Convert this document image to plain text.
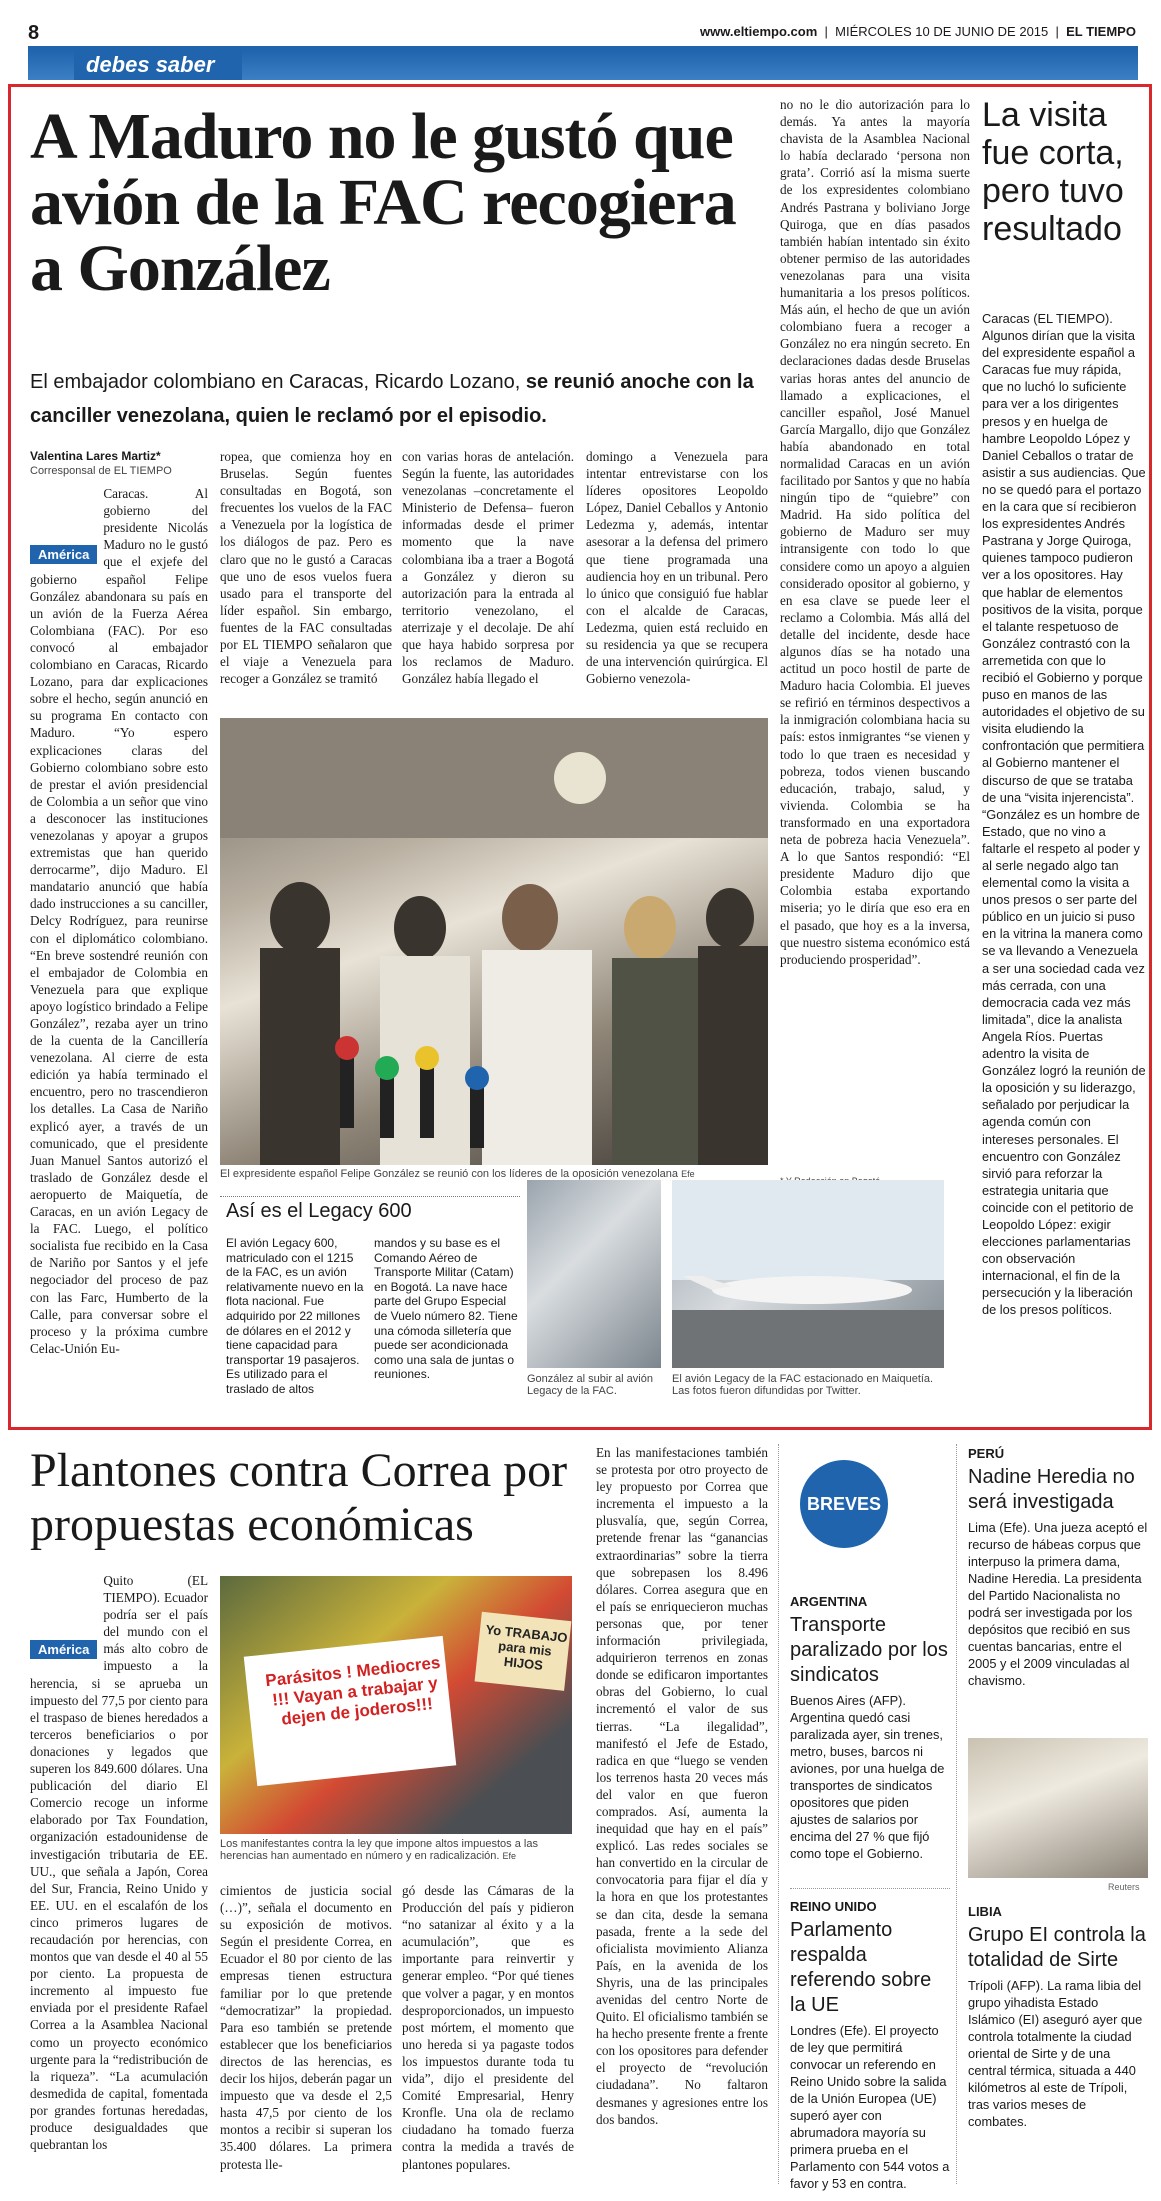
8	www.eltiempo.com  |  MIÉRCOLES 10 DE JUNIO DE 2015  |  EL TIEMPO
debes saber
A Maduro no le gustó que avión de la FAC recogiera a González
El embajador colombiano en Caracas, Ricardo Lozano, se reunió anoche con la canciller venezolana, quien le reclamó por el episodio.
Valentina Lares Martiz*
Corresponsal de EL TIEMPO
América

Caracas. Al gobierno del presidente Nicolás Maduro no le gustó que el exjefe del gobierno español Felipe González abandonara su país en un avión de la Fuerza Aérea Colombiana (FAC). Por eso convocó al embajador colombiano en Caracas, Ricardo Lozano, para dar explicaciones sobre el hecho, según anunció en su programa En contacto con Maduro. “Yo espero explicaciones claras del Gobierno colombiano sobre esto de prestar el avión presidencial de Colombia a un señor que vino a desconocer las instituciones venezolanas y apoyar a grupos extremistas que han querido derrocarme”, dijo Maduro. El mandatario anunció que había dado instrucciones a su canciller, Delcy Rodríguez, para reunirse con el diplomático colombiano. “En breve sostendré reunión con el embajador de Colombia en Venezuela para que explique apoyo logístico brindado a Felipe González”, rezaba ayer un trino de la cuenta de la Cancillería venezolana. Al cierre de esta edición ya había terminado el encuentro, pero no trascendieron los detalles. La Casa de Nariño explicó ayer, a través de un comunicado, que el presidente Juan Manuel Santos autorizó el traslado de González desde el aeropuerto de Maiquetía, de Caracas, en un avión Legacy de la FAC. Luego, el político socialista fue recibido en la Casa de Nariño por Santos y el jefe negociador del proceso de paz con las Farc, Humberto de la Calle, para conversar sobre el proceso y la próxima cumbre Celac-Unión Eu-

ropea, que comienza hoy en Bruselas. Según fuentes consultadas en Bogotá, son frecuentes los vuelos de la FAC a Venezuela por la logística de los diálogos de paz. Pero es claro que no le gustó a Caracas que uno de esos vuelos fuera usado para el transporte del líder español. Sin embargo, fuentes de la FAC consultadas por EL TIEMPO señalaron que el viaje a Venezuela para recoger a González se tramitó
con varias horas de antelación. Según la fuente, las autoridades venezolanas –concretamente el Ministerio de Defensa– fueron informadas desde el primer momento que la nave colombiana iba a traer a Bogotá a González y dieron su autorización para la entrada al territorio venezolano, el aterrizaje y el decolaje. De ahí que haya habido sorpresa por los reclamos de Maduro. González había llegado el
domingo a Venezuela para intentar entrevistarse con los líderes opositores Leopoldo López, Daniel Ceballos y Antonio Ledezma y, además, intentar asesorar a la defensa del primero que tiene programada una audiencia hoy en un tribunal. Pero lo único que consiguió fue hablar con el alcalde de Caracas, Ledezma, quien está recluido en su residencia ya que se recupera de una intervención quirúrgica. El Gobierno venezola-
El expresidente español Felipe González se reunió con los líderes de la oposición venezolana Efe
no no le dio autorización para lo demás. Ya antes la mayoría chavista de la Asamblea Nacional lo había declarado ‘persona non grata’. Corrió así la misma suerte de los expresidentes colombiano Andrés Pastrana y boliviano Jorge Quiroga, que en días pasados también habían intentado sin éxito obtener permiso de las autoridades venezolanas para una visita humanitaria a los presos políticos. Más aún, el hecho de que un avión colombiano fuera a recoger a González no era ningún secreto. En declaraciones dadas desde Bruselas varias horas antes del anuncio de llamado a explicaciones, el canciller español, José Manuel García Margallo, dijo que González había abandonado en total normalidad Caracas en un avión facilitado por Santos y que no había ningún tipo de “quiebre” con Madrid. Ha sido política del gobierno de Maduro ser muy intransigente con todo lo que considere como un apoyo a alguien considerado opositor al gobierno, y en esa clave se puede leer el reclamo a Colombia. Más allá del detalle del incidente, desde hace algunos días se ha notado una actitud un poco hostil de parte de Maduro hacia Colombia. El jueves se refirió en términos despectivos a la inmigración colombiana hacia su país: estos inmigrantes “se vienen y todo lo que traen es necesidad y pobreza, todos vienen buscando educación, trabajo, salud, y vivienda. Colombia se ha transformado en una exportadora neta de pobreza hacia Venezuela”. A lo que Santos respondió: “El presidente Maduro dijo que Colombia estaba exportando miseria; yo le diría que eso era en el pasado, que hoy es a la inversa, que nuestro sistema económico está produciendo prosperidad”.
La visita fue corta, pero tuvo resultado
Caracas (EL TIEMPO). Algunos dirían que la visita del expresidente español a Caracas fue muy rápida, que no luchó lo suficiente para ver a los dirigentes presos y en huelga de hambre Leopoldo López y Daniel Ceballos o tratar de asistir a sus audiencias. Que no se quedó para el portazo en la cara que sí recibieron los expresidentes Andrés Pastrana y Jorge Quiroga, quienes tampoco pudieron ver a los opositores. Hay que hablar de elementos positivos de la visita, porque el talante respetuoso de González contrastó con la arremetida con que lo recibió el Gobierno y porque puso en manos de las autoridades el objetivo de su visita eludiendo la confrontación que permitiera al Gobierno mantener el discurso de que se trataba de una “visita injerencista”. “González es un hombre de Estado, que no vino a faltarle el respeto al poder y al serle negado algo tan elemental como la visita a unos presos o ser parte del público en un juicio si puso en la vitrina la manera como se va llevando a Venezuela a ser una sociedad cada vez más cerrada, con una democracia cada vez más limitada”, dice la analista Angela Ríos. Puertas adentro la visita de González logró la reunión de la oposición y su liderazgo, señalado por perjudicar la agenda común con intereses personales. El encuentro con González sirvió para reforzar la estrategia unitaria que coincide con el petitorio de Leopoldo López: exigir elecciones parlamentarias con observación internacional, el fin de la persecución y la liberación de los presos políticos.
Así es el Legacy 600
El avión Legacy 600, matriculado con el 1215 de la FAC, es un avión relativamente nuevo en la flota nacional. Fue adquirido por 22 millones de dólares en el 2012 y tiene capacidad para transportar 19 pasajeros. Es utilizado para el traslado de altos
mandos y su base es el Comando Aéreo de Transporte Militar (Catam) en Bogotá. La nave hace parte del Grupo Especial de Vuelo número 82. Tiene una cómoda silletería que puede ser acondicionada como una sala de juntas o reuniones.	González al subir al avión Legacy de la FAC.
El avión Legacy de la FAC estacionado en Maiquetía. Las fotos fueron difundidas por Twitter.
Plantones contra Correa por propuestas económicas
América

Quito (EL TIEMPO). Ecuador podría ser el país del mundo con el más alto cobro de impuesto a la herencia, si se aprueba un impuesto del 77,5 por ciento para el traspaso de bienes heredados a terceros beneficiarios o por donaciones y legados que superen los 849.600 dólares. Una publicación del diario El Comercio recoge un informe elaborado por Tax Foundation, organización estadounidense de investigación tributaria de EE. UU., que señala a Japón, Corea del Sur, Francia, Reino Unido y EE. UU. en el escalafón de los cinco primeros lugares de recaudación por herencias, con montos que van desde el 40 al 55 por ciento. La propuesta de incremento al impuesto fue enviada por el presidente Rafael Correa a la Asamblea Nacional como un proyecto económico urgente para la “redistribución de la riqueza”. “La acumulación desmedida de capital, fomentada por grandes fortunas heredadas, produce desigualdades que quebrantan los

Parásitos ! Mediocres !!! Vayan a trabajar y dejen de joderos!!!
Yo TRABAJO para mis HIJOS
Los manifestantes contra la ley que impone altos impuestos a las herencias han aumentado en número y en radicalización. Efe
cimientos de justicia social (…)”, señala el documento en su exposición de motivos. Según el presidente Correa, en Ecuador el 80 por ciento de las empresas tienen estructura familiar por lo que pretende “democratizar” la propiedad. Para eso también se pretende establecer que los beneficiarios directos de las herencias, es decir los hijos, deberán pagar un impuesto que va desde el 2,5 hasta 47,5 por ciento de los montos a recibir si superan los 35.400 dólares. La primera protesta lle-
gó desde las Cámaras de la Producción del país y pidieron “no satanizar al éxito y a la acumulación”, que es importante para reinvertir y generar empleo. “Por qué tienes que volver a pagar, y en montos desproporcionados, un impuesto post mórtem, el momento que uno hereda si ya pagaste todos los impuestos durante toda tu vida”, dijo el presidente del Comité Empresarial, Henry Kronfle. Una ola de reclamo ciudadano ha tomado fuerza contra la medida a través de plantones populares.
En las manifestaciones también se protesta por otro proyecto de ley propuesto por Correa que incrementa el impuesto a la plusvalía, que, según Correa, pretende frenar las “ganancias extraordinarias” sobre la tierra que sobrepasen los 8.496 dólares. Correa asegura que en el país se enriquecieron muchas personas que, por tener información privilegiada, adquirieron terrenos en zonas donde se edificaron importantes obras del Gobierno, lo cual incrementó el valor de sus tierras. “La ilegalidad”, manifestó el Jefe de Estado, radica en que “luego se venden los terrenos hasta 20 veces más del valor en que fueron comprados. Así, aumenta la inequidad que hay en el país” explicó. Las redes sociales se han convertido en la circular de convocatoria para fijar el día y la hora en que los protestantes se dan cita, desde la semana pasada, frente a la sede del oficialista movimiento Alianza País, en la avenida de los Shyris, una de las principales avenidas del centro Norte de Quito. El oficialismo también se ha hecho presente frente a frente con los opositores para defender el proyecto de “revolución ciudadana”. No faltaron desmanes y agresiones entre los dos bandos.
BREVES
ARGENTINA
Transporte paralizado por los sindicatos
Buenos Aires (AFP). Argentina quedó casi paralizada ayer, sin trenes, metro, buses, barcos ni aviones, por una huelga de transportes de sindicatos opositores que piden ajustes de salarios por encima del 27 % que fijó como tope el Gobierno.
REINO UNIDO
Parlamento respalda referendo sobre la UE
Londres (Efe). El proyecto de ley que permitirá convocar un referendo en Reino Unido sobre la salida de la Unión Europea (UE) superó ayer con abrumadora mayoría su primera prueba en el Parlamento con 544 votos a favor y 53 en contra.
PERÚ
Nadine Heredia no será investigada
Lima (Efe). Una jueza aceptó el recurso de hábeas corpus que interpuso la primera dama, Nadine Heredia. La presidenta del Partido Nacionalista no podrá ser investigada por los depósitos que recibió en sus cuentas bancarias, entre el 2005 y el 2009 vinculadas al chavismo.
Reuters
LIBIA
Grupo EI controla la totalidad de Sirte
Trípoli (AFP). La rama libia del grupo yihadista Estado Islámico (EI) aseguró ayer que controla totalmente la ciudad oriental de Sirte y de una central térmica, situada a 440 kilómetros al este de Trípoli, tras varios meses de combates.
